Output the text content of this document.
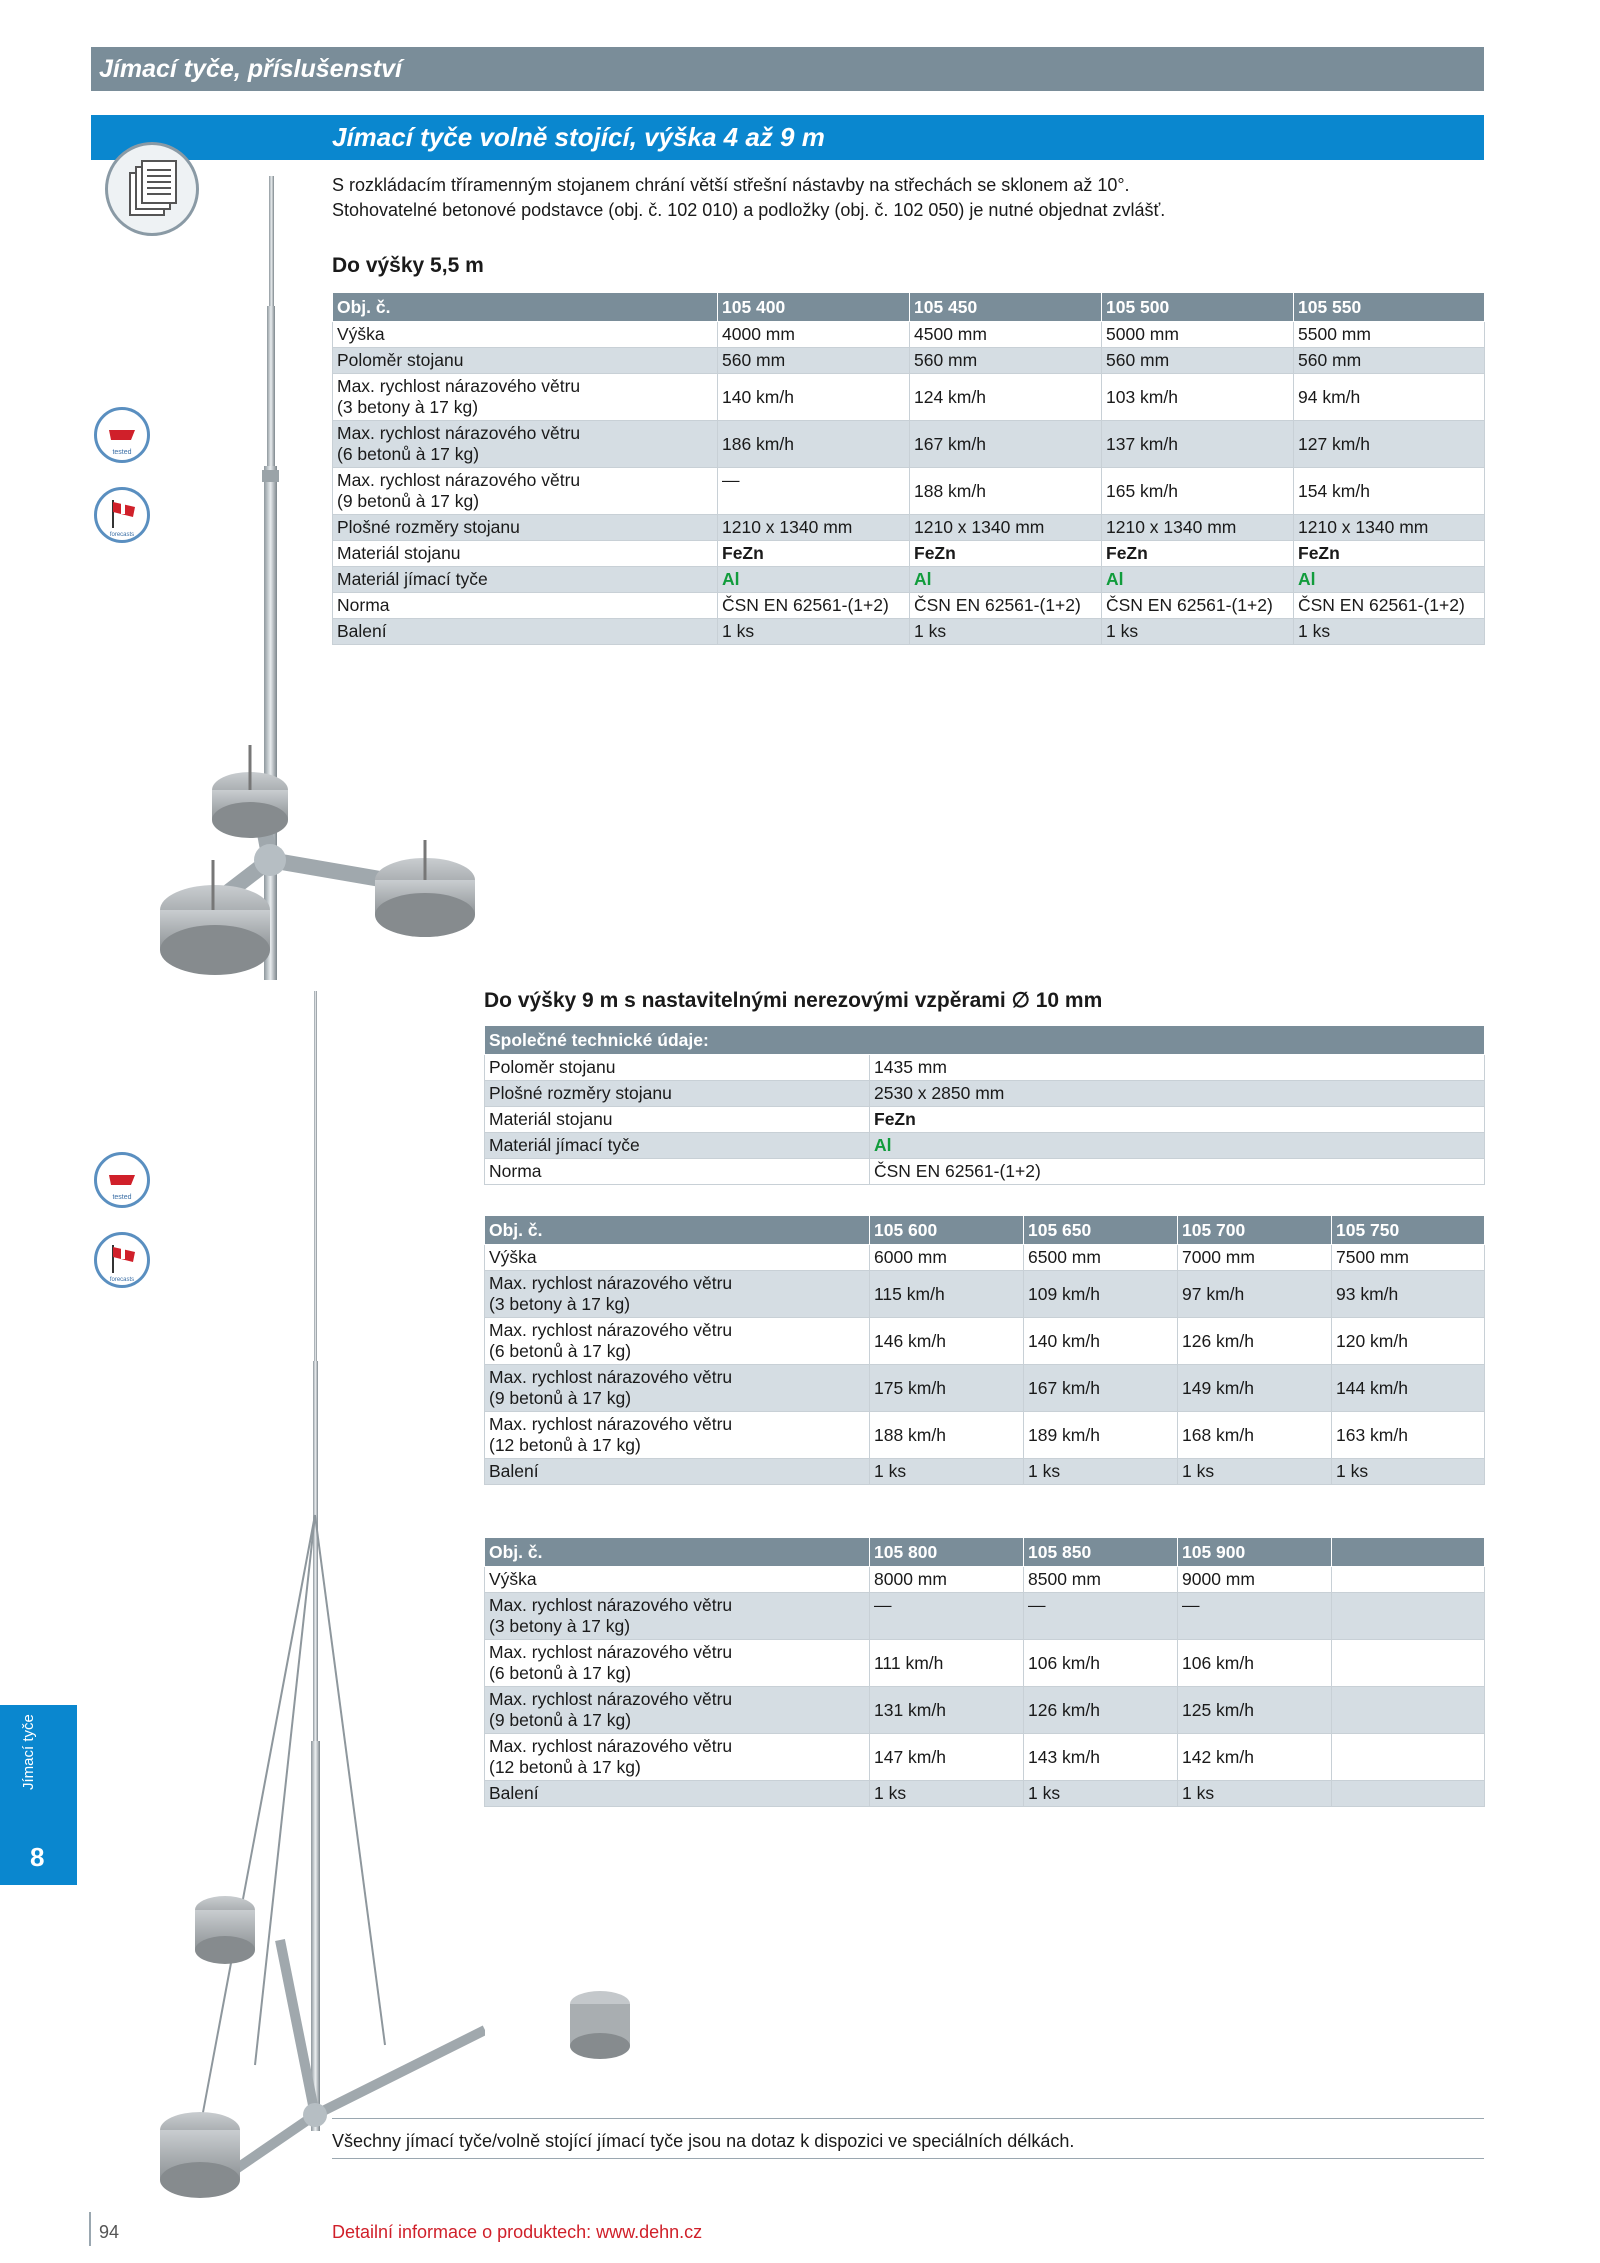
Jímací tyče, příslušenství
Jímací tyče volně stojící, výška 4 až 9 m
S rozkládacím tříramenným stojanem chrání větší střešní nástavby na střechách se sklonem až 10°.
Stohovatelné betonové podstavce (obj. č. 102 010) a podložky (obj. č. 102 050) je nutné objednat zvlášť.
tested
forecasts
Do výšky 5,5 m
Obj. č.	105 400	105 450	105 500	105 550
Výška	4000 mm	4500 mm	5000 mm	5500 mm
Poloměr stojanu	560 mm	560 mm	560 mm	560 mm
Max. rychlost nárazového větru
(3 betony à 17 kg)	140 km/h	124 km/h	103 km/h	94 km/h
Max. rychlost nárazového větru
(6 betonů à 17 kg)	186 km/h	167 km/h	137 km/h	127 km/h
Max. rychlost nárazového větru
(9 betonů à 17 kg)	—	188 km/h	165 km/h	154 km/h
Plošné rozměry stojanu	1210 x 1340 mm	1210 x 1340 mm	1210 x 1340 mm	1210 x 1340 mm
Materiál stojanu	FeZn	FeZn	FeZn	FeZn
Materiál jímací tyče	Al	Al	Al	Al
Norma	ČSN EN 62561-(1+2)	ČSN EN 62561-(1+2)	ČSN EN 62561-(1+2)	ČSN EN 62561-(1+2)
Balení	1 ks	1 ks	1 ks	1 ks
tested
forecasts
Do výšky 9 m s nastavitelnými nerezovými vzpěrami ∅ 10 mm
Společné technické údaje:	
Poloměr stojanu	1435 mm
Plošné rozměry stojanu	2530 x 2850 mm
Materiál stojanu	FeZn
Materiál jímací tyče	Al
Norma	ČSN EN 62561-(1+2)
Obj. č.	105 600	105 650	105 700	105 750
Výška	6000 mm	6500 mm	7000 mm	7500 mm
Max. rychlost nárazového větru
(3 betony à 17 kg)	115 km/h	109 km/h	97 km/h	93 km/h
Max. rychlost nárazového větru
(6 betonů à 17 kg)	146 km/h	140 km/h	126 km/h	120 km/h
Max. rychlost nárazového větru
(9 betonů à 17 kg)	175 km/h	167 km/h	149 km/h	144 km/h
Max. rychlost nárazového větru
(12 betonů à 17 kg)	188 km/h	189 km/h	168 km/h	163 km/h
Balení	1 ks	1 ks	1 ks	1 ks
Obj. č.	105 800	105 850	105 900	
Výška	8000 mm	8500 mm	9000 mm	
Max. rychlost nárazového větru
(3 betony à 17 kg)	—	—	—	
Max. rychlost nárazového větru
(6 betonů à 17 kg)	111 km/h	106 km/h	106 km/h	
Max. rychlost nárazového větru
(9 betonů à 17 kg)	131 km/h	126 km/h	125 km/h	
Max. rychlost nárazového větru
(12 betonů à 17 kg)	147 km/h	143 km/h	142 km/h	
Balení	1 ks	1 ks	1 ks	
Jímací tyče
8
Všechny jímací tyče/volně stojící jímací tyče jsou na dotaz k dispozici ve speciálních délkách.
94	Detailní informace o produktech: www.dehn.cz
